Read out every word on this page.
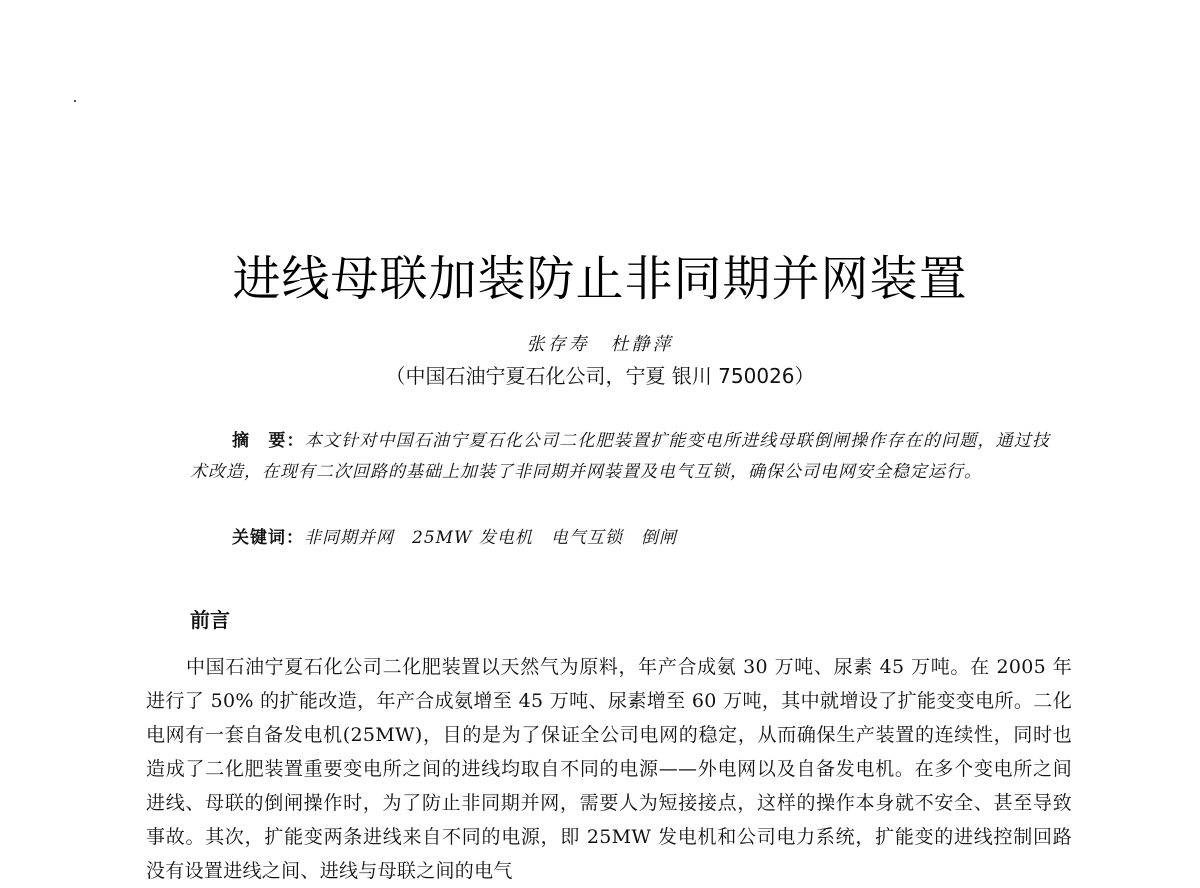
进线母联加装防止非同期并网装置
张存寿　杜静萍
（中国石油宁夏石化公司，宁夏 银川 750026）
摘　要：本文针对中国石油宁夏石化公司二化肥装置扩能变电所进线母联倒闸操作存在的问题，通过技术改造，在现有二次回路的基础上加装了非同期并网装置及电气互锁，确保公司电网安全稳定运行。
关键词：非同期并网 25MW 发电机 电气互锁 倒闸
前言
中国石油宁夏石化公司二化肥装置以天然气为原料，年产合成氨 30 万吨、尿素 45 万吨。在 2005 年进行了 50% 的扩能改造，年产合成氨增至 45 万吨、尿素增至 60 万吨，其中就增设了扩能变变电所。二化电网有一套自备发电机(25MW)，目的是为了保证全公司电网的稳定，从而确保生产装置的连续性，同时也造成了二化肥装置重要变电所之间的进线均取自不同的电源——外电网以及自备发电机。在多个变电所之间进线、母联的倒闸操作时，为了防止非同期并网，需要人为短接接点，这样的操作本身就不安全、甚至导致事故。其次，扩能变两条进线来自不同的电源，即 25MW 发电机和公司电力系统，扩能变的进线控制回路没有设置进线之间、进线与母联之间的电气
